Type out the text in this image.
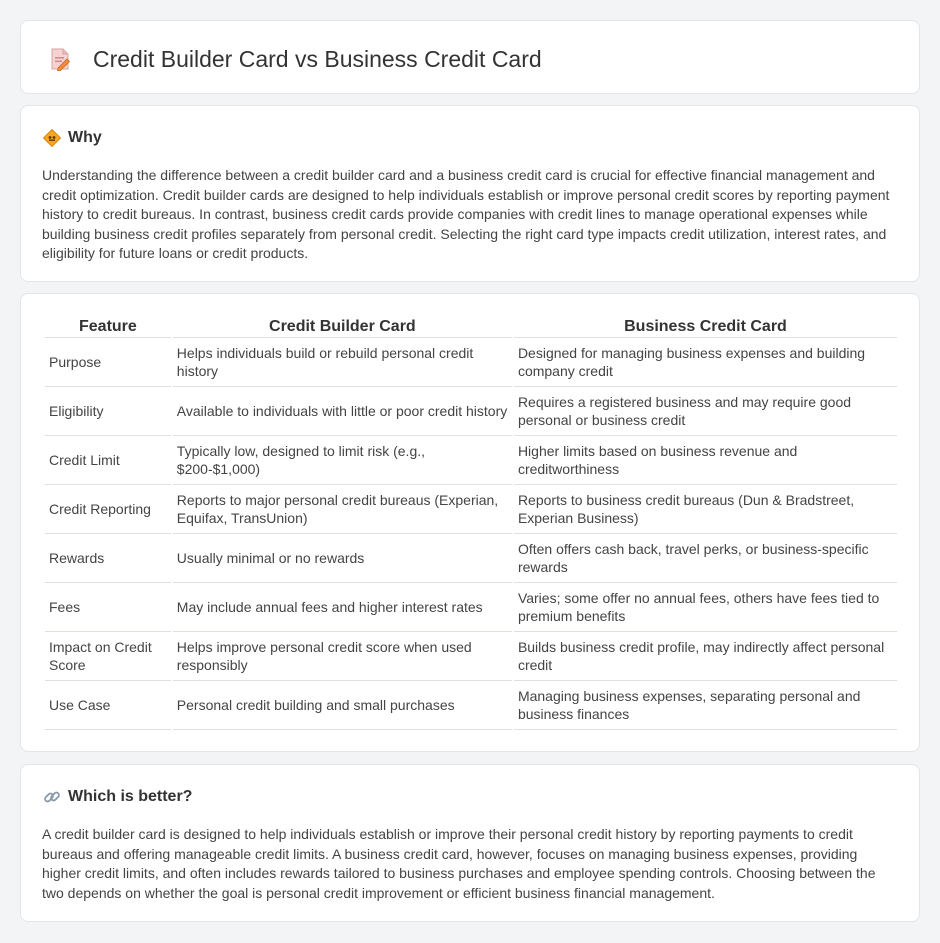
Credit Builder Card vs Business Credit Card
Why

Understanding the difference between a credit builder card and a business credit card is crucial for effective financial management and credit optimization. Credit builder cards are designed to help individuals establish or improve personal credit scores by reporting payment history to credit bureaus. In contrast, business credit cards provide companies with credit lines to manage operational expenses while building business credit profiles separately from personal credit. Selecting the right card type impacts credit utilization, interest rates, and eligibility for future loans or credit products.

Feature	Credit Builder Card	Business Credit Card
Purpose	Helps individuals build or rebuild personal credit history	Designed for managing business expenses and building company credit
Eligibility	Available to individuals with little or poor credit history	Requires a registered business and may require good personal or business credit
Credit Limit	Typically low, designed to limit risk (e.g., $200-$1,000)	Higher limits based on business revenue and creditworthiness
Credit Reporting	Reports to major personal credit bureaus (Experian, Equifax, TransUnion)	Reports to business credit bureaus (Dun & Bradstreet, Experian Business)
Rewards	Usually minimal or no rewards	Often offers cash back, travel perks, or business-specific rewards
Fees	May include annual fees and higher interest rates	Varies; some offer no annual fees, others have fees tied to premium benefits
Impact on Credit Score	Helps improve personal credit score when used responsibly	Builds business credit profile, may indirectly affect personal credit
Use Case	Personal credit building and small purchases	Managing business expenses, separating personal and business finances
Which is better?

A credit builder card is designed to help individuals establish or improve their personal credit history by reporting payments to credit bureaus and offering manageable credit limits. A business credit card, however, focuses on managing business expenses, providing higher credit limits, and often includes rewards tailored to business purchases and employee spending controls. Choosing between the two depends on whether the goal is personal credit improvement or efficient business financial management.
